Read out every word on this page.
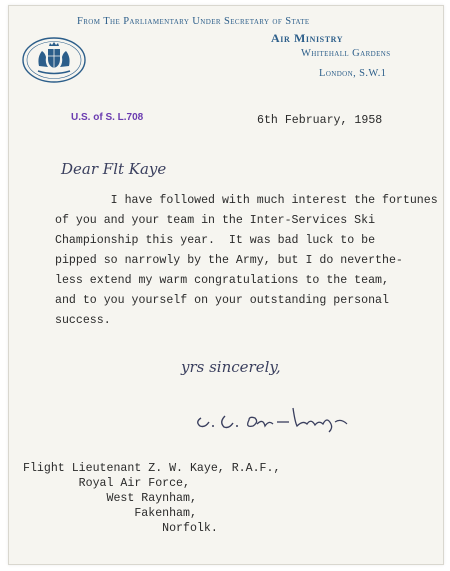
From The Parliamentary Under Secretary of State
Air Ministry
Whitehall Gardens
London, S.W.1
U.S. of S. L.708	6th February, 1958
Dear Flt Kaye
I have followed with much interest the fortunes
of you and your team in the Inter-Services Ski
Championship this year.  It was bad luck to be
pipped so narrowly by the Army, but I do neverthe-
less extend my warm congratulations to the team,
and to you yourself on your outstanding personal
success.
yrs sincerely,
Flight Lieutenant Z. W. Kaye, R.A.F.,
Royal Air Force,
West Raynham,
Fakenham,
Norfolk.
